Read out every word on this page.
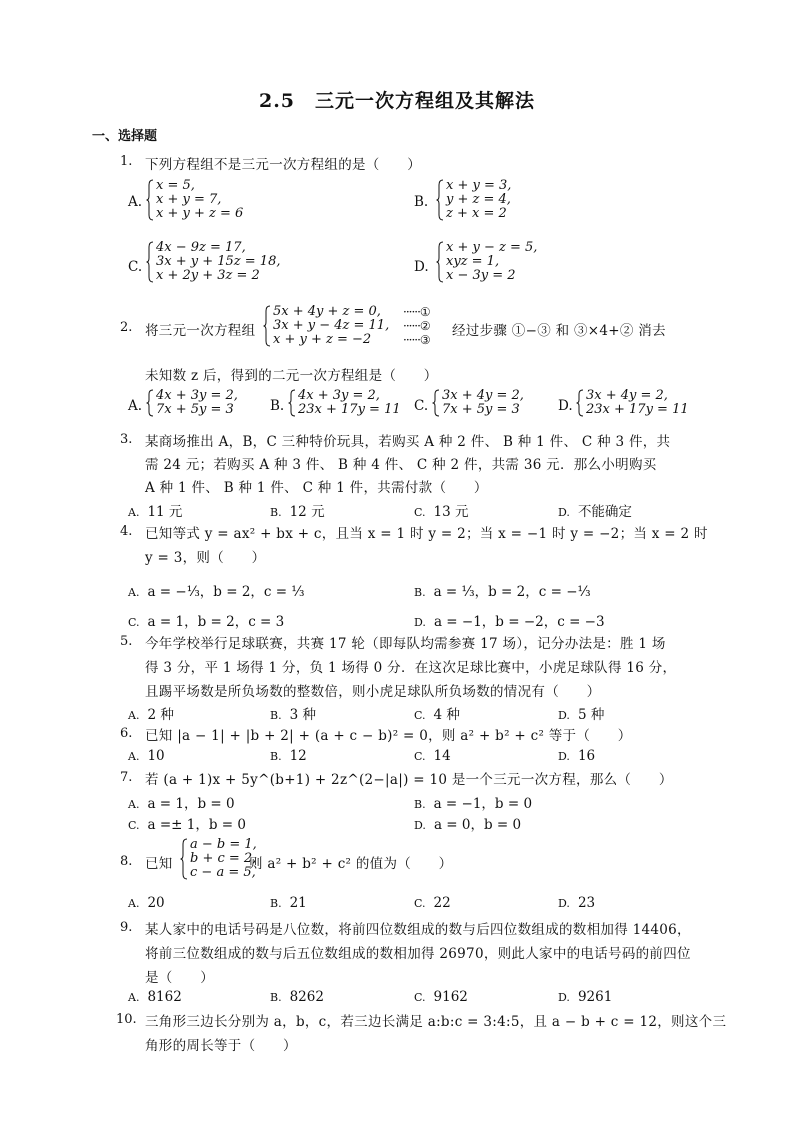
2.5　三元一次方程组及其解法
一、选择题
1. 下列方程组不是三元一次方程组的是（　　）
A.
x = 5,
x + y = 7,
x + y + z = 6
B.
x + y = 3,
y + z = 4,
z + x = 2
C.
4x − 9z = 17,
3x + y + 15z = 18,
x + 2y + 3z = 2
D.
x + y − z = 5,
xyz = 1,
x − 3y = 2
2. 将三元一次方程组
5x + 4y + z = 0,
3x + y − 4z = 11,
x + y + z = −2
······①
······②
······③
经过步骤 ①−③ 和 ③×4+② 消去
未知数 z 后，得到的二元一次方程组是（　　）
A.
4x + 3y = 2,
7x + 5y = 3	B.
4x + 3y = 2,
23x + 17y = 11 C.
3x + 4y = 2,
7x + 5y = 3	D.
3x + 4y = 2,
23x + 17y = 11
3. 某商场推出 A，B，C 三种特价玩具，若购买 A 种 2 件、 B 种 1 件、 C 种 3 件，共
需 24 元；若购买 A 种 3 件、 B 种 4 件、 C 种 2 件，共需 36 元．那么小明购买
A 种 1 件、 B 种 1 件、 C 种 1 件，共需付款（　　）
A. 11 元	B. 12 元	C. 13 元	D. 不能确定
4. 已知等式 y = ax² + bx + c，且当 x = 1 时 y = 2；当 x = −1 时 y = −2；当 x = 2 时
y = 3，则（　　）
A. a = −⅓，b = 2，c = ⅓	B. a = ⅓，b = 2，c = −⅓
C. a = 1，b = 2，c = 3	D. a = −1，b = −2，c = −3
5. 今年学校举行足球联赛，共赛 17 轮（即每队均需参赛 17 场），记分办法是：胜 1 场
得 3 分，平 1 场得 1 分，负 1 场得 0 分．在这次足球比赛中，小虎足球队得 16 分，
且踢平场数是所负场数的整数倍，则小虎足球队所负场数的情况有（　　）
A. 2 种	B. 3 种	C. 4 种	D. 5 种
6. 已知 |a − 1| + |b + 2| + (a + c − b)² = 0，则 a² + b² + c² 等于（　　）
A. 10	B. 12	C. 14	D. 16
7. 若 (a + 1)x + 5y^(b+1) + 2z^(2−|a|) = 10 是一个三元一次方程，那么（　　）
A. a = 1，b = 0	B. a = −1，b = 0
C. a =± 1，b = 0	D. a = 0，b = 0
8. 已知
a − b = 1,
b + c = 2,
c − a = 5,
则 a² + b² + c² 的值为（　　）
A. 20	B. 21	C. 22	D. 23
9. 某人家中的电话号码是八位数，将前四位数组成的数与后四位数组成的数相加得 14406，
将前三位数组成的数与后五位数组成的数相加得 26970，则此人家中的电话号码的前四位
是（　　）
A. 8162	B. 8262	C. 9162	D. 9261
10. 三角形三边长分别为 a，b，c，若三边长满足 a:b:c = 3:4:5，且 a − b + c = 12，则这个三
角形的周长等于（　　）
